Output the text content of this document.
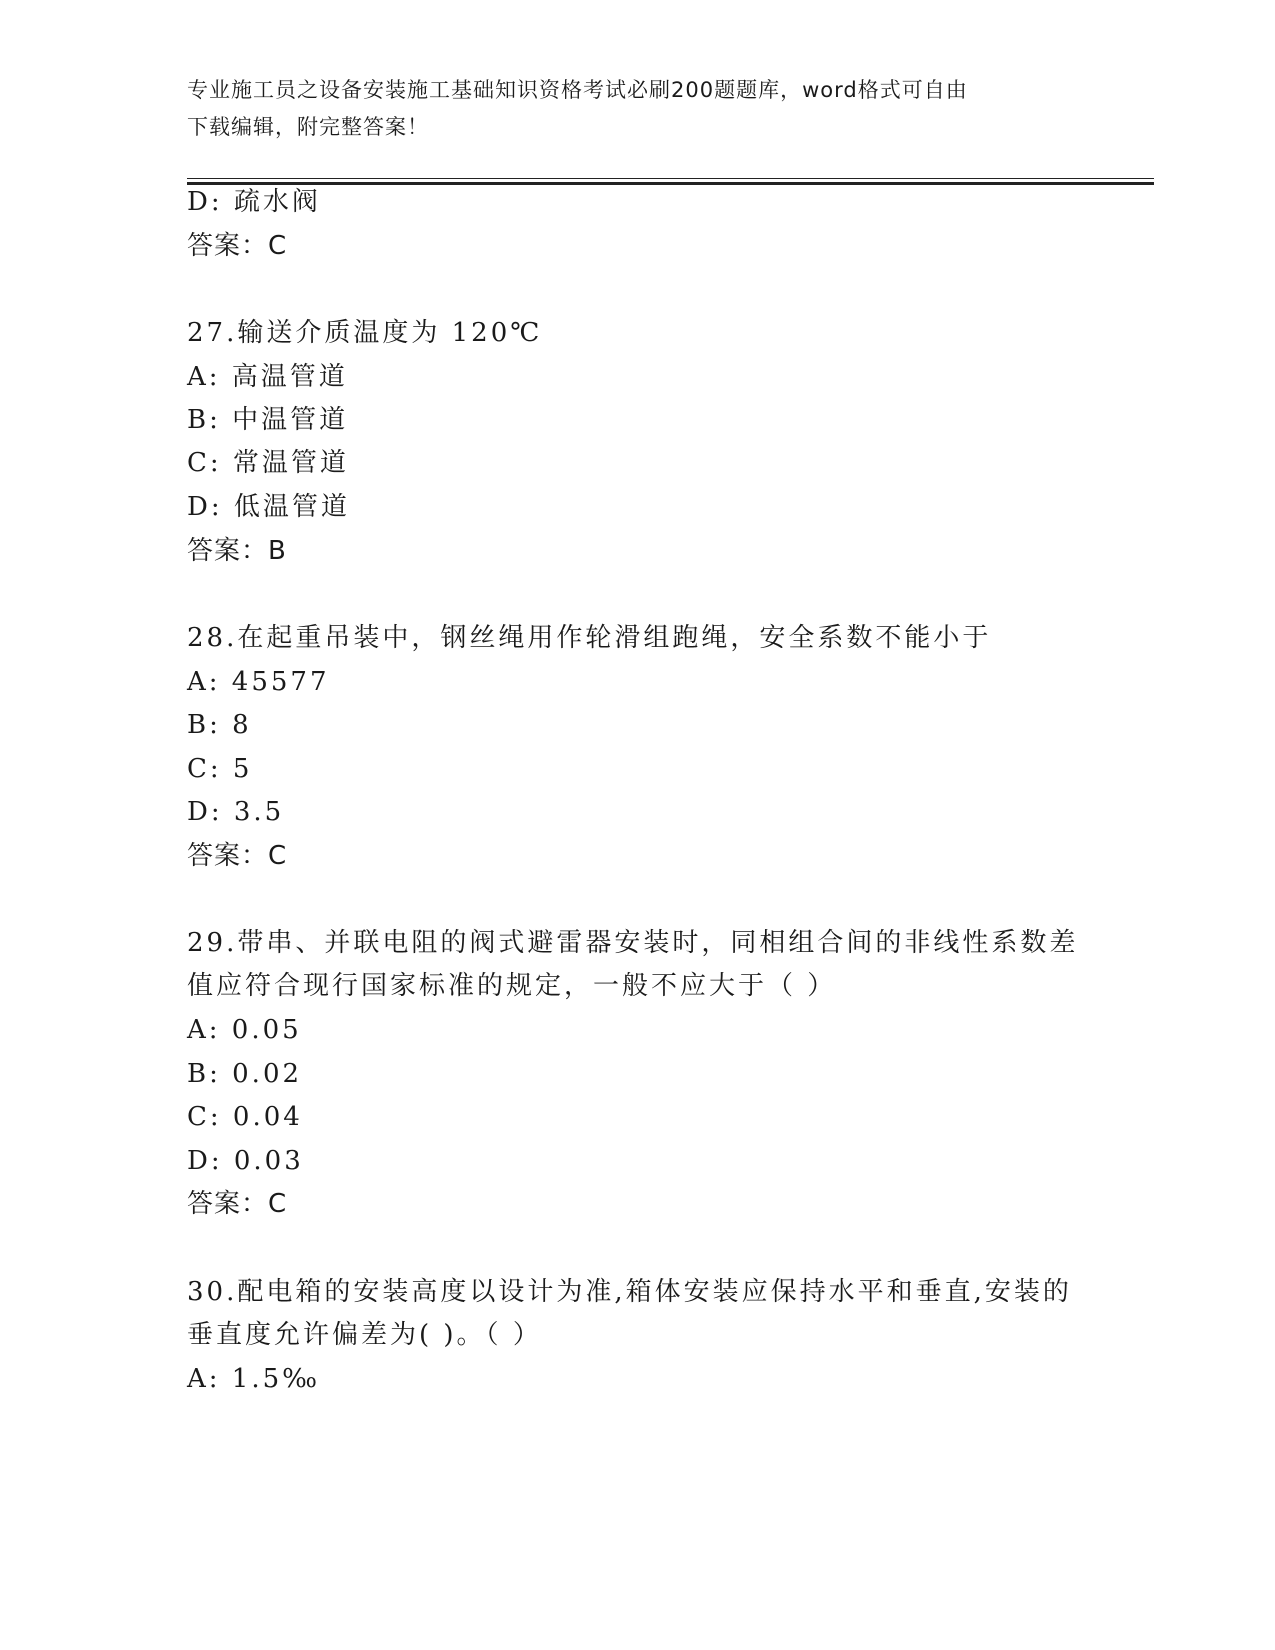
专业施工员之设备安装施工基础知识资格考试必刷200题题库，word格式可自由
下载编辑，附完整答案！
D: 疏水阀
答案：C
27.输送介质温度为 120℃
A: 高温管道
B: 中温管道
C: 常温管道
D: 低温管道
答案：B
28.在起重吊装中，钢丝绳用作轮滑组跑绳，安全系数不能小于
A: 45577
B: 8
C: 5
D: 3.5
答案：C
29.带串、并联电阻的阀式避雷器安装时，同相组合间的非线性系数差
值应符合现行国家标准的规定，一般不应大于（ ）
A: 0.05
B: 0.02
C: 0.04
D: 0.03
答案：C
30.配电箱的安装高度以设计为准,箱体安装应保持水平和垂直,安装的
垂直度允许偏差为( )。（ ）
A: 1.5‰
